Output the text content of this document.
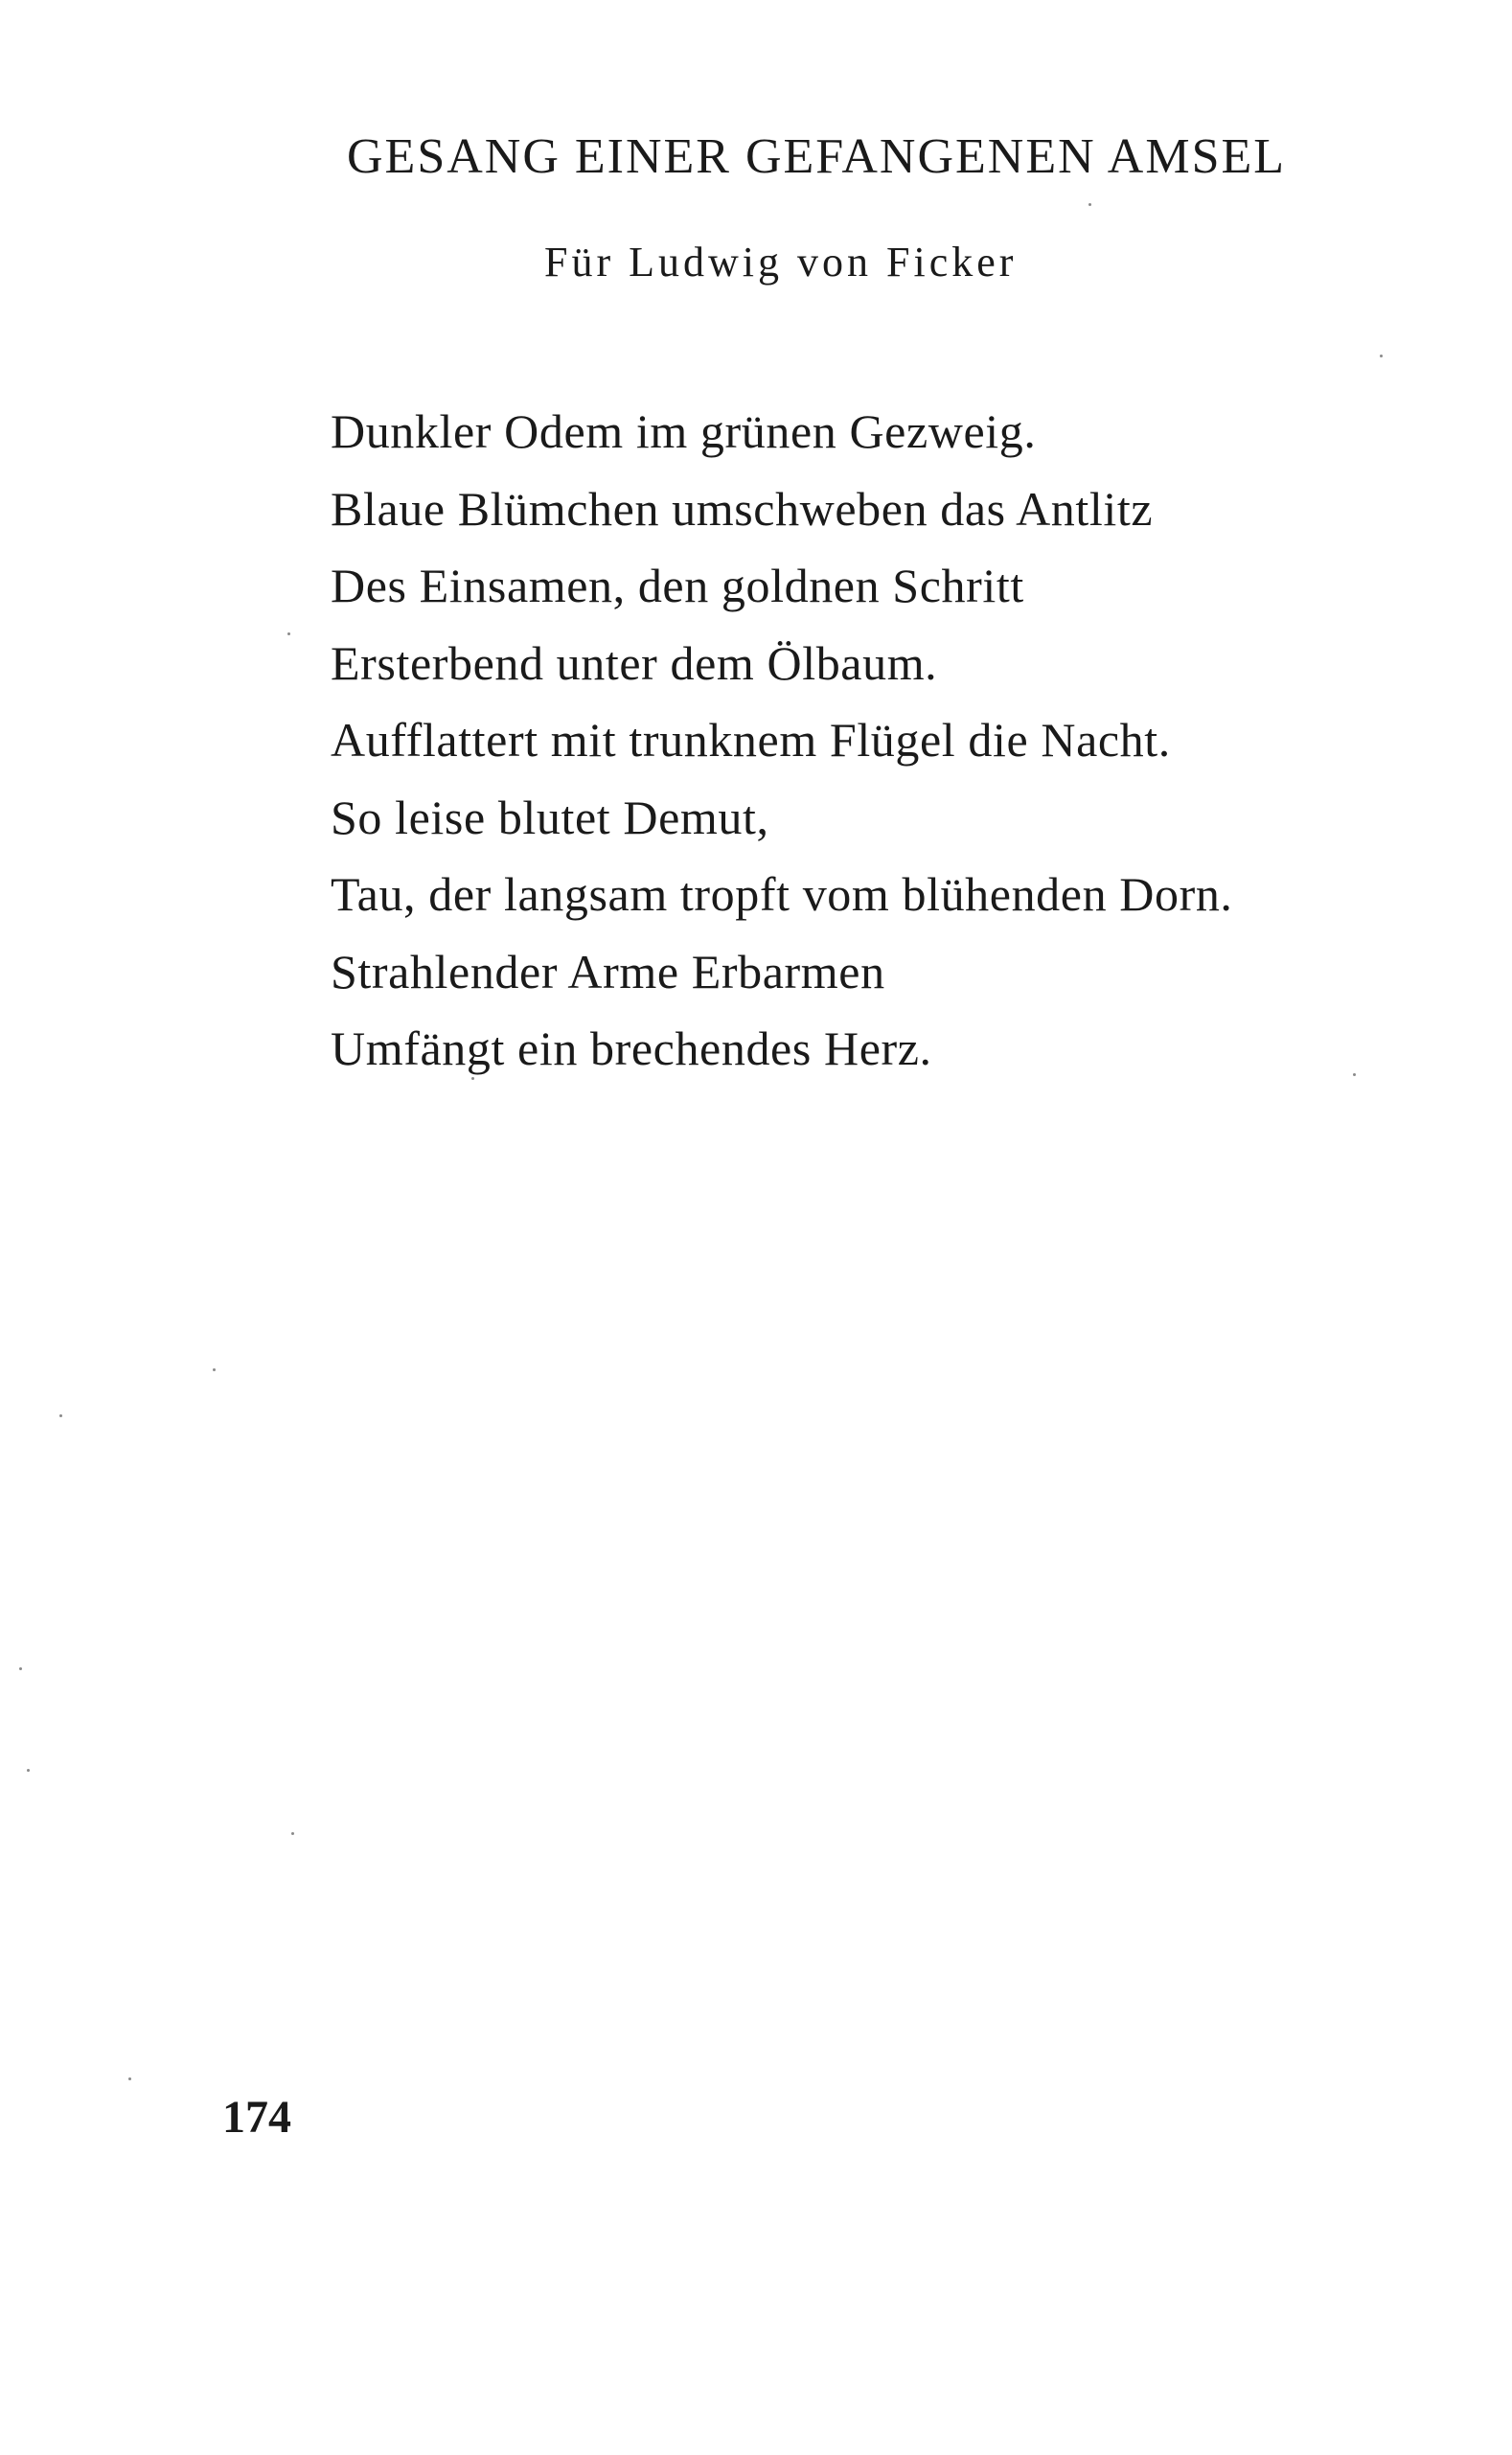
GESANG EINER GEFANGENEN AMSEL
Für Ludwig von Ficker
Dunkler Odem im grünen Gezweig.
Blaue Blümchen umschweben das Antlitz
Des Einsamen, den goldnen Schritt
Ersterbend unter dem Ölbaum.
Aufflattert mit trunknem Flügel die Nacht.
So leise blutet Demut,
Tau, der langsam tropft vom blühenden Dorn.
Strahlender Arme Erbarmen
Umfängt ein brechendes Herz.
174
